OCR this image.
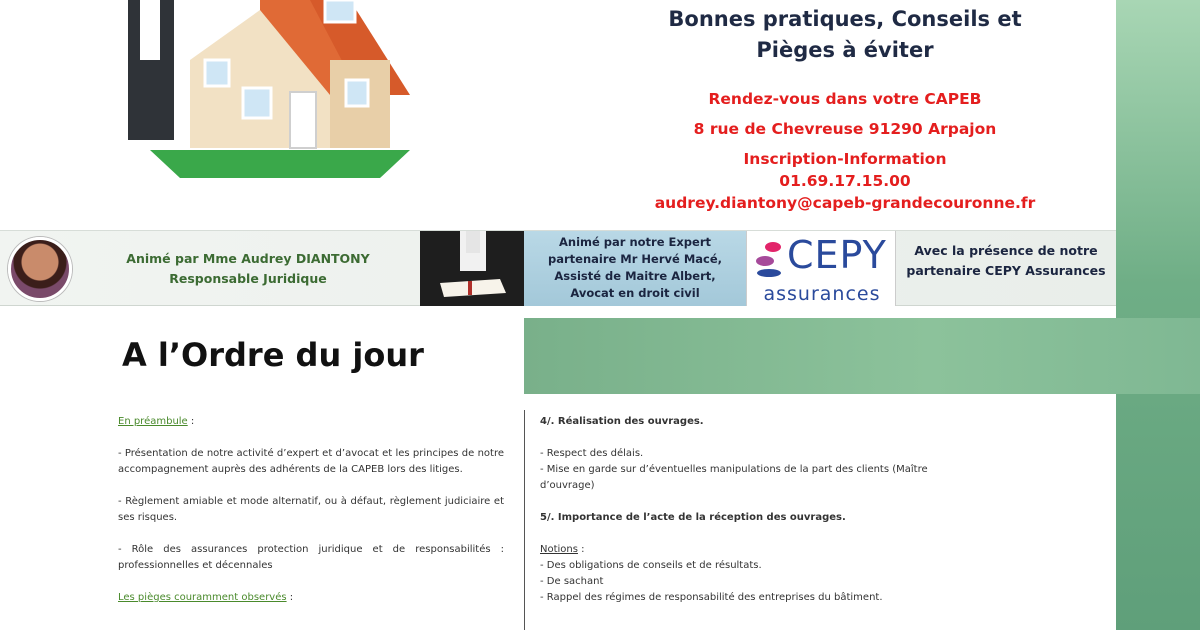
Bonnes pratiques, Conseils et
Pièges à éviter
Rendez-vous dans votre CAPEB
8 rue de Chevreuse 91290 Arpajon
Inscription-Information
01.69.17.15.00
audrey.diantony@capeb-grandecouronne.fr
Animé par Mme Audrey DIANTONY
Responsable Juridique
Animé par notre Expert
partenaire Mr Hervé Macé,
Assisté de Maitre Albert,
Avocat en droit civil
CEPY
assurances
Avec la présence de notre
partenaire CEPY Assurances
A l’Ordre du jour
En préambule :
- Présentation de notre activité d’expert et d’avocat et les principes de notre accompagnement auprès des adhérents de la CAPEB lors des litiges.
- Règlement amiable et mode alternatif, ou à défaut, règlement judiciaire et ses risques.
- Rôle des assurances protection juridique et de responsabilités : professionnelles et décennales
Les pièges couramment observés :
4/. Réalisation des ouvrages.
- Respect des délais.
- Mise en garde sur d’éventuelles manipulations de la part des clients (Maître d’ouvrage)
5/. Importance de l’acte de la réception des ouvrages.
Notions :
- Des obligations de conseils et de résultats.
- De sachant
- Rappel des régimes de responsabilité des entreprises du bâtiment.
